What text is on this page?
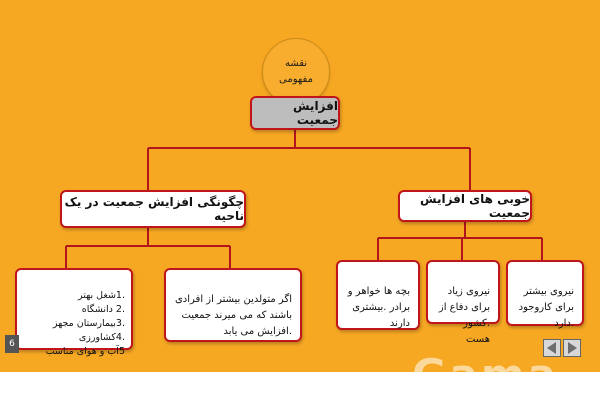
نقشه مفهومی
افزایش جمعیت
چگونگی افزایش جمعیت در یک ناحیه
خوبی های افزایش جمعیت

.1شغل بهتر
.2 دانشگاه
.3بیمارستان مجهز
.4کشاورزی
5آب و هوای مناسب

اگر متولدین بیشتر از افرادی باشند که می میرند جمعیت .افزایش می یابد

بچه ها خواهر و برادر .بیشتری دارند

نیروی زیاد برای دفاع از .کشور هست

نیروی بیشتر برای کاروجود .دارد

6
Gama
